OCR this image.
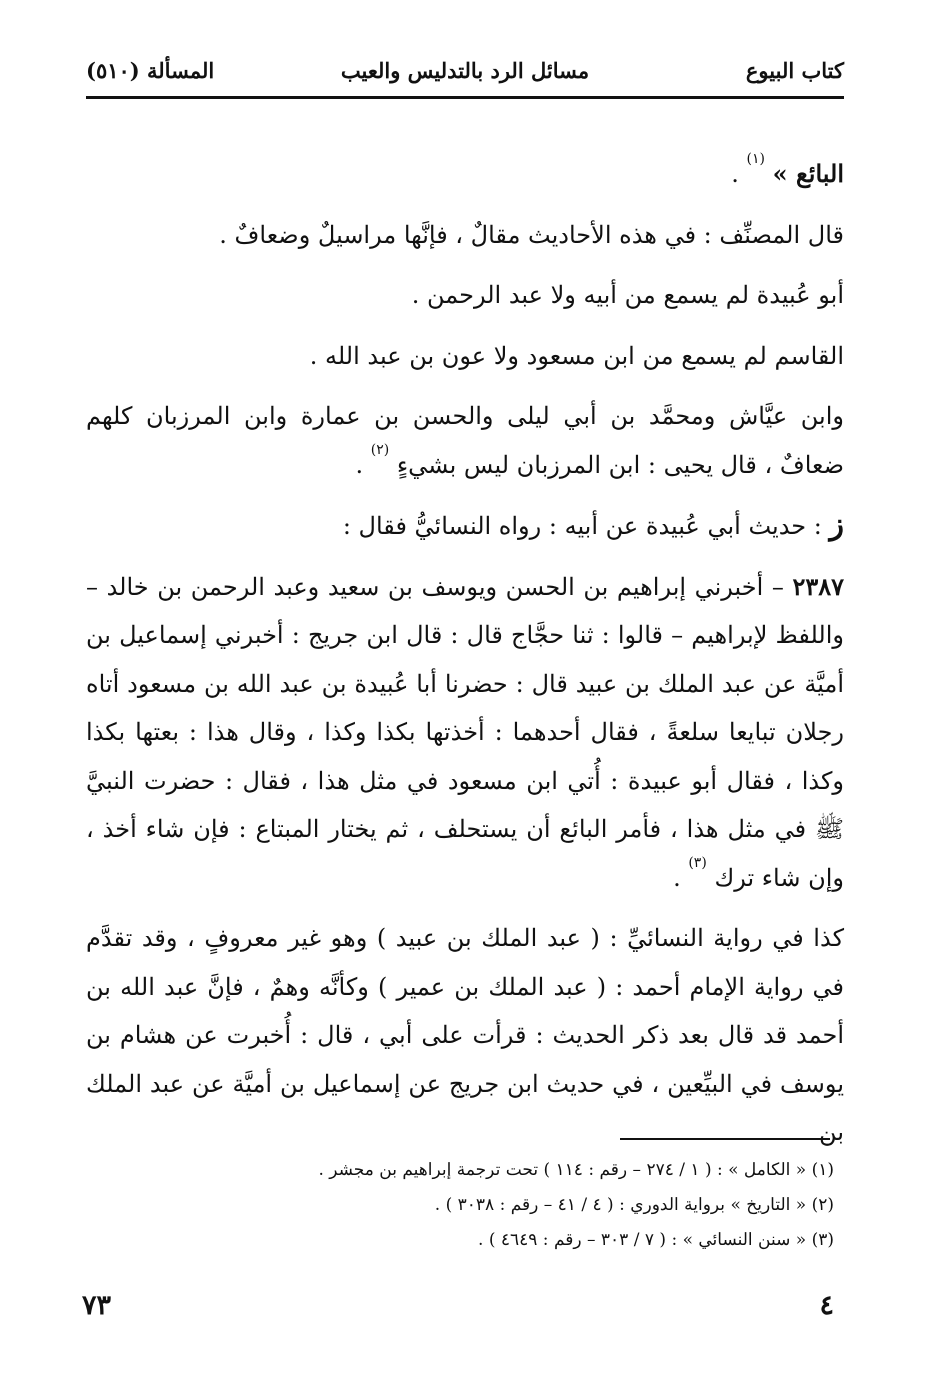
كتاب البيوع
مسائل الرد بالتدليس والعيب
المسألة (٥١٠)

البائع » $^{(١)}$ .

قال المصنِّف : في هذه الأحاديث مقالٌ ، فإنَّها مراسيلٌ وضعافٌ .

أبو عُبيدة لم يسمع من أبيه ولا عبد الرحمن .

القاسم لم يسمع من ابن مسعود ولا عون بن عبد الله .

وابن عيَّاش ومحمَّد بن أبي ليلى والحسن بن عمارة وابن المرزبان كلهم ضعافٌ ، قال يحيى : ابن المرزبان ليس بشيءٍ $^{(٢)}$ .

ز : حديث أبي عُبيدة عن أبيه : رواه النسائيُّ فقال :

٢٣٨٧ – أخبرني إبراهيم بن الحسن ويوسف بن سعيد وعبد الرحمن بن خالد – واللفظ لإبراهيم – قالوا : ثنا حجَّاج قال : قال ابن جريج : أخبرني إسماعيل بن أميَّة عن عبد الملك بن عبيد قال : حضرنا أبا عُبيدة بن عبد الله بن مسعود أتاه رجلان تبايعا سلعةً ، فقال أحدهما : أخذتها بكذا وكذا ، وقال هذا : بعتها بكذا وكذا ، فقال أبو عبيدة : أُتي ابن مسعود في مثل هذا ، فقال : حضرت النبيَّ ﷺ في مثل هذا ، فأمر البائع أن يستحلف ، ثم يختار المبتاع : فإن شاء أخذ ، وإن شاء ترك $^{(٣)}$ .

كذا في رواية النسائيِّ : ( عبد الملك بن عبيد ) وهو غير معروفٍ ، وقد تقدَّم في رواية الإمام أحمد : ( عبد الملك بن عمير ) وكأنَّه وهمٌ ، فإنَّ عبد الله بن أحمد قد قال بعد ذكر الحديث : قرأت على أبي ، قال : أُخبرت عن هشام بن يوسف في البيِّعين ، في حديث ابن جريج عن إسماعيل بن أميَّة عن عبد الملك بن

(١) « الكامل » : ( ١ / ٢٧٤ – رقم : ١١٤ ) تحت ترجمة إبراهيم بن مجشر .
(٢) « التاريخ » برواية الدوري : ( ٤ / ٤١ – رقم : ٣٠٣٨ ) .
(٣) « سنن النسائي » : ( ٧ / ٣٠٣ – رقم : ٤٦٤٩ ) .
٤
٧٣
